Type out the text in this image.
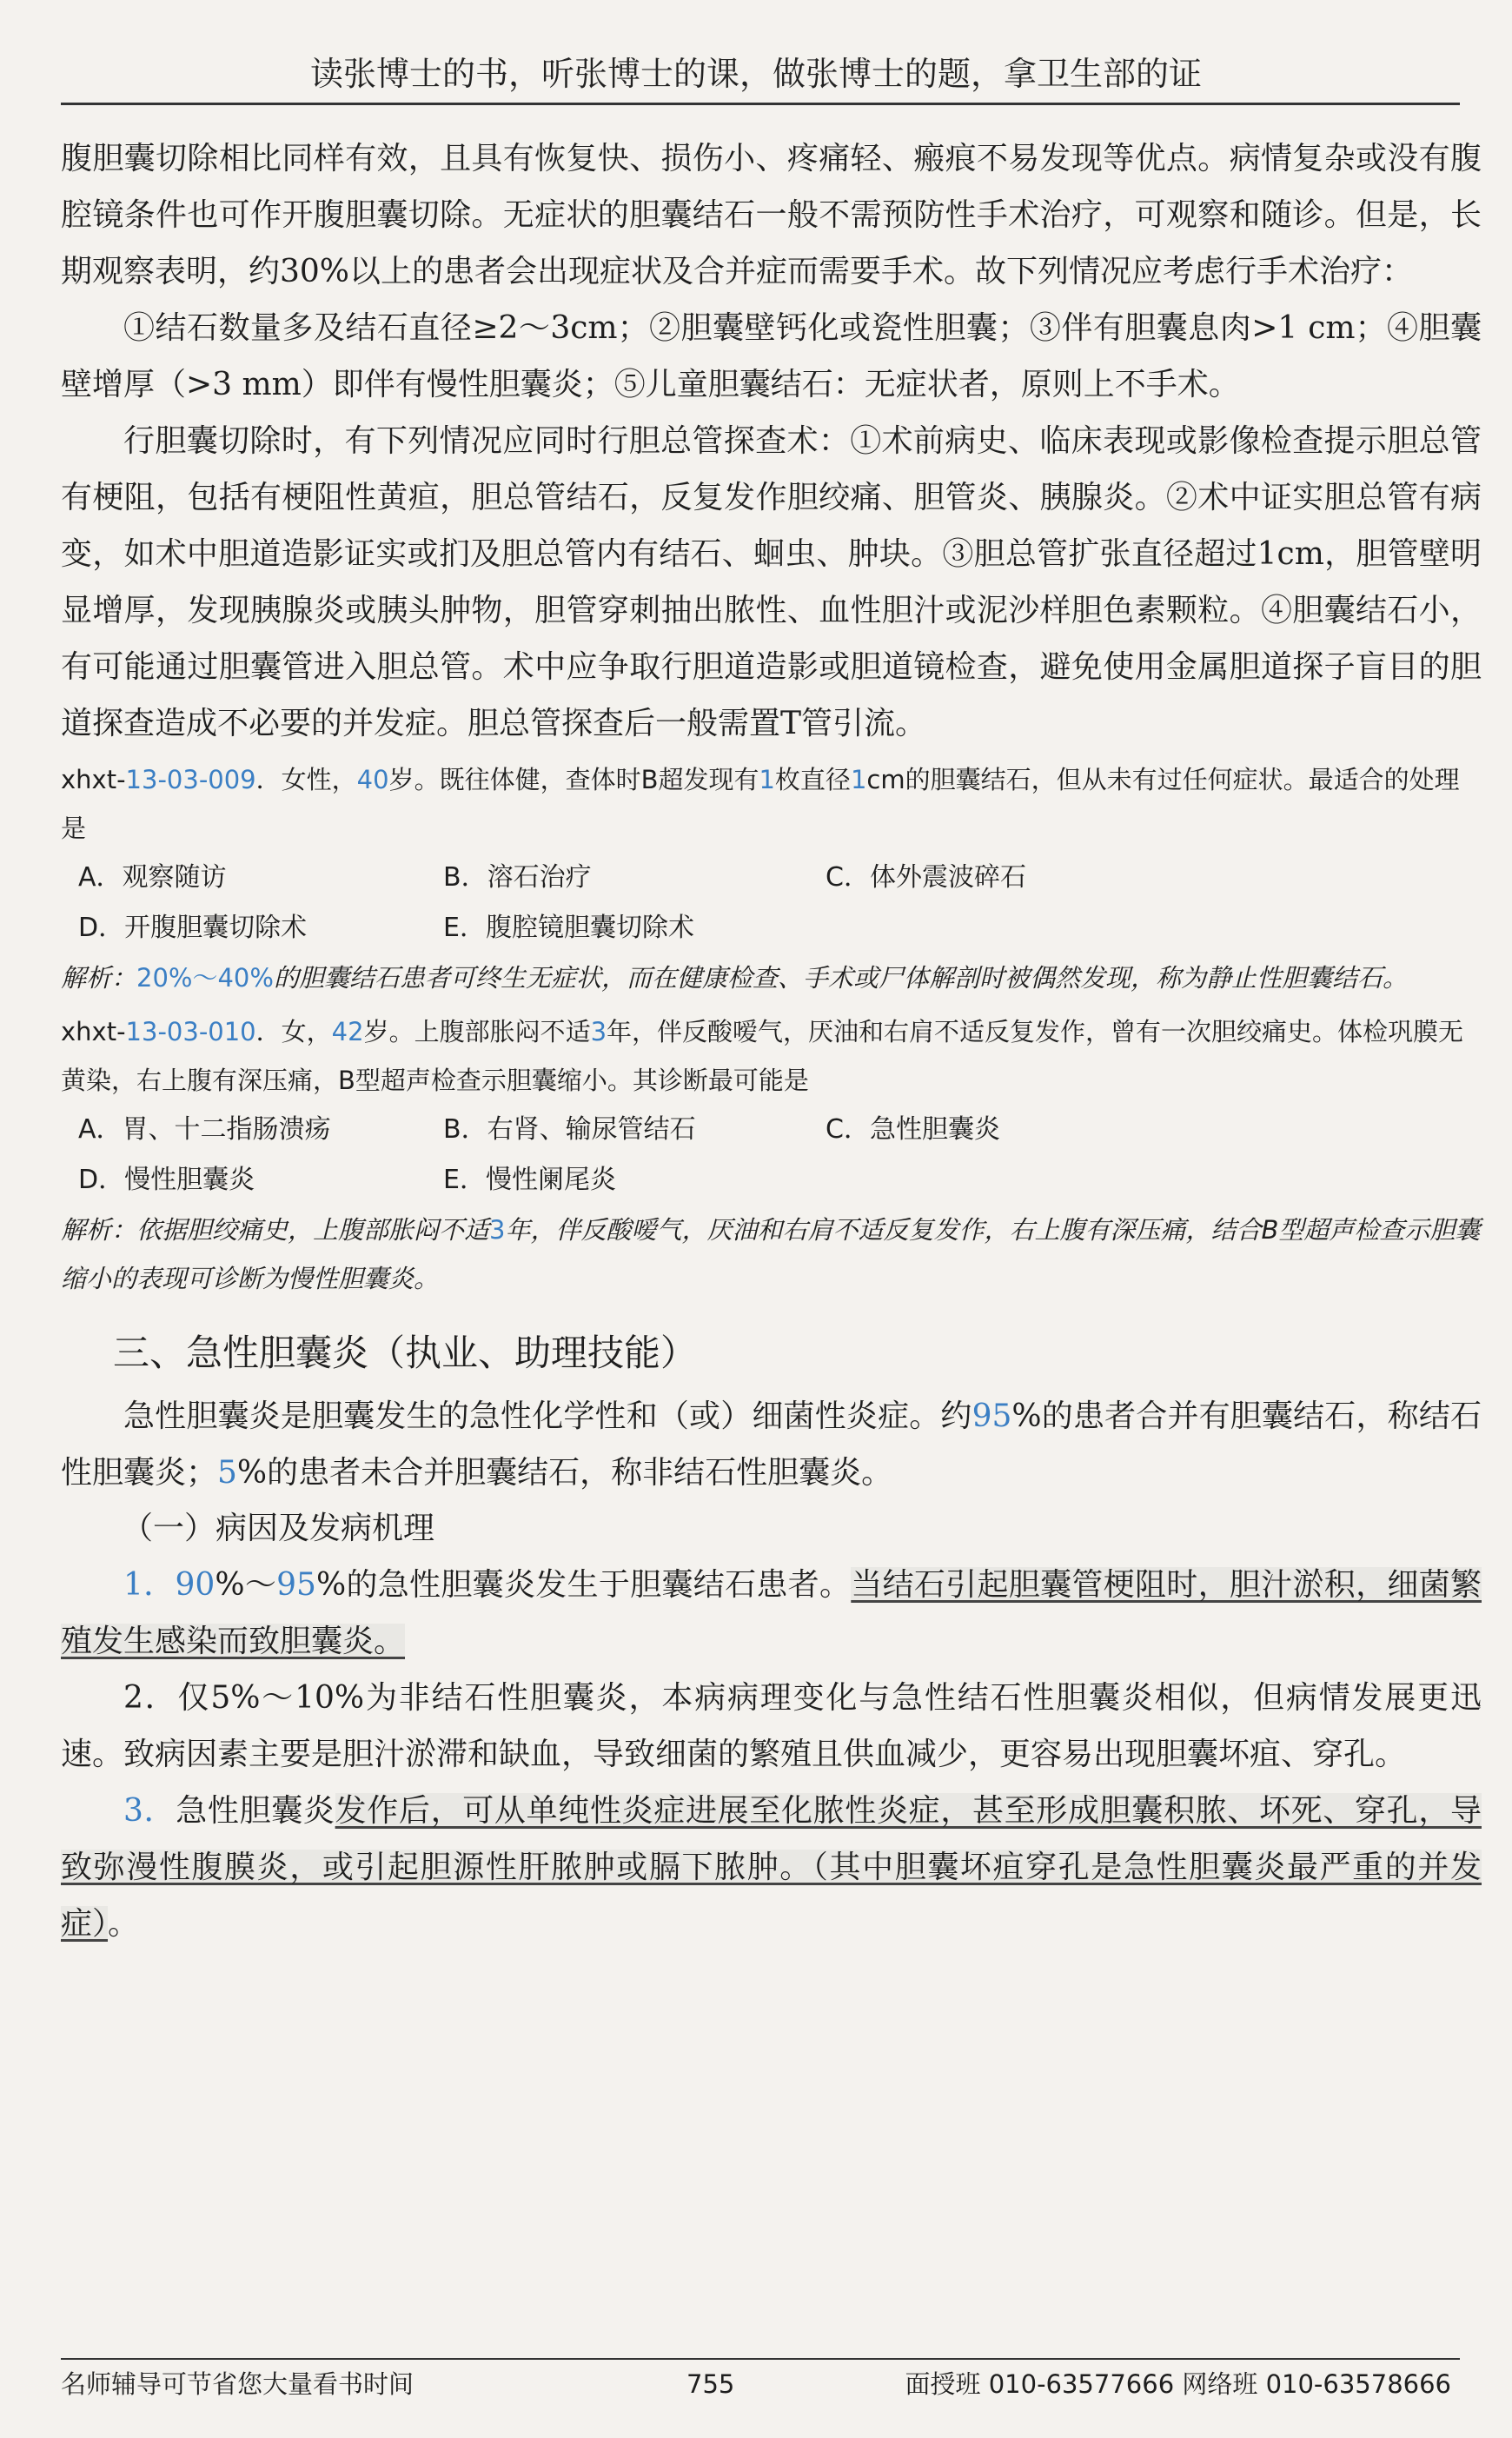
读张博士的书，听张博士的课，做张博士的题，拿卫生部的证

腹胆囊切除相比同样有效，且具有恢复快、损伤小、疼痛轻、瘢痕不易发现等优点。病情复杂或没有腹腔镜条件也可作开腹胆囊切除。无症状的胆囊结石一般不需预防性手术治疗，可观察和随诊。但是，长期观察表明，约30%以上的患者会出现症状及合并症而需要手术。故下列情况应考虑行手术治疗：

①结石数量多及结石直径≥2～3cm；②胆囊壁钙化或瓷性胆囊；③伴有胆囊息肉>1 cm；④胆囊壁增厚（>3 mm）即伴有慢性胆囊炎；⑤儿童胆囊结石：无症状者，原则上不手术。

行胆囊切除时，有下列情况应同时行胆总管探查术：①术前病史、临床表现或影像检查提示胆总管有梗阻，包括有梗阻性黄疸，胆总管结石，反复发作胆绞痛、胆管炎、胰腺炎。②术中证实胆总管有病变，如术中胆道造影证实或扪及胆总管内有结石、蛔虫、肿块。③胆总管扩张直径超过1cm，胆管壁明显增厚，发现胰腺炎或胰头肿物，胆管穿刺抽出脓性、血性胆汁或泥沙样胆色素颗粒。④胆囊结石小，有可能通过胆囊管进入胆总管。术中应争取行胆道造影或胆道镜检查，避免使用金属胆道探子盲目的胆道探查造成不必要的并发症。胆总管探查后一般需置T管引流。

xhxt-13-03-009．女性，40岁。既往体健，查体时B超发现有1枚直径1cm的胆囊结石，但从未有过任何症状。最适合的处理是

A．观察随访	B．溶石治疗	C．体外震波碎石
D．开腹胆囊切除术	E．腹腔镜胆囊切除术

解析：20%～40%的胆囊结石患者可终生无症状，而在健康检查、手术或尸体解剖时被偶然发现，称为静止性胆囊结石。

xhxt-13-03-010．女，42岁。上腹部胀闷不适3年，伴反酸嗳气，厌油和右肩不适反复发作，曾有一次胆绞痛史。体检巩膜无黄染，右上腹有深压痛，B型超声检查示胆囊缩小。其诊断最可能是

A．胃、十二指肠溃疡	B．右肾、输尿管结石	C．急性胆囊炎
D．慢性胆囊炎	E．慢性阑尾炎

解析：依据胆绞痛史，上腹部胀闷不适3年，伴反酸嗳气，厌油和右肩不适反复发作，右上腹有深压痛，结合B型超声检查示胆囊缩小的表现可诊断为慢性胆囊炎。

三、急性胆囊炎（执业、助理技能）

急性胆囊炎是胆囊发生的急性化学性和（或）细菌性炎症。约95%的患者合并有胆囊结石，称结石性胆囊炎；5%的患者未合并胆囊结石，称非结石性胆囊炎。

（一）病因及发病机理

1．90%～95%的急性胆囊炎发生于胆囊结石患者。当结石引起胆囊管梗阻时，胆汁淤积，细菌繁殖发生感染而致胆囊炎。

2．仅5%～10%为非结石性胆囊炎，本病病理变化与急性结石性胆囊炎相似，但病情发展更迅速。致病因素主要是胆汁淤滞和缺血，导致细菌的繁殖且供血减少，更容易出现胆囊坏疽、穿孔。

3．急性胆囊炎发作后，可从单纯性炎症进展至化脓性炎症，甚至形成胆囊积脓、坏死、穿孔，导致弥漫性腹膜炎，或引起胆源性肝脓肿或膈下脓肿。（其中胆囊坏疽穿孔是急性胆囊炎最严重的并发症）。

名师辅导可节省您大量看书时间	755	面授班 010-63577666 网络班 010-63578666
